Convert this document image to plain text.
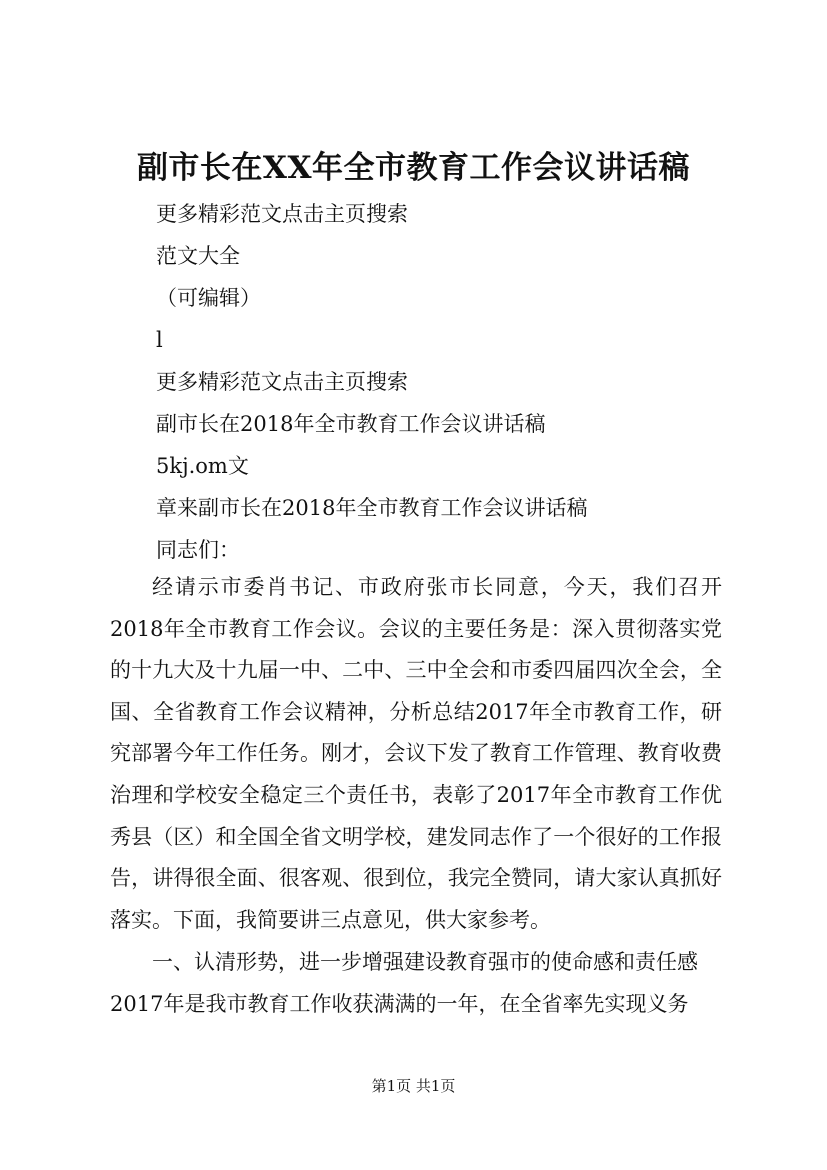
副市长在XX年全市教育工作会议讲话稿
更多精彩范文点击主页搜索
范文大全
（可编辑）
l
更多精彩范文点击主页搜索
副市长在2018年全市教育工作会议讲话稿
5kj.om文
章来副市长在2018年全市教育工作会议讲话稿
同志们：
经请示市委肖书记、市政府张市长同意，今天，我们召开2018年全市教育工作会议。会议的主要任务是：深入贯彻落实党的十九大及十九届一中、二中、三中全会和市委四届四次全会，全国、全省教育工作会议精神，分析总结2017年全市教育工作，研究部署今年工作任务。刚才，会议下发了教育工作管理、教育收费治理和学校安全稳定三个责任书，表彰了2017年全市教育工作优秀县（区）和全国全省文明学校，建发同志作了一个很好的工作报告，讲得很全面、很客观、很到位，我完全赞同，请大家认真抓好落实。下面，我简要讲三点意见，供大家参考。
一、认清形势，进一步增强建设教育强市的使命感和责任感
2017年是我市教育工作收获满满的一年，在全省率先实现义务
第1页 共1页
